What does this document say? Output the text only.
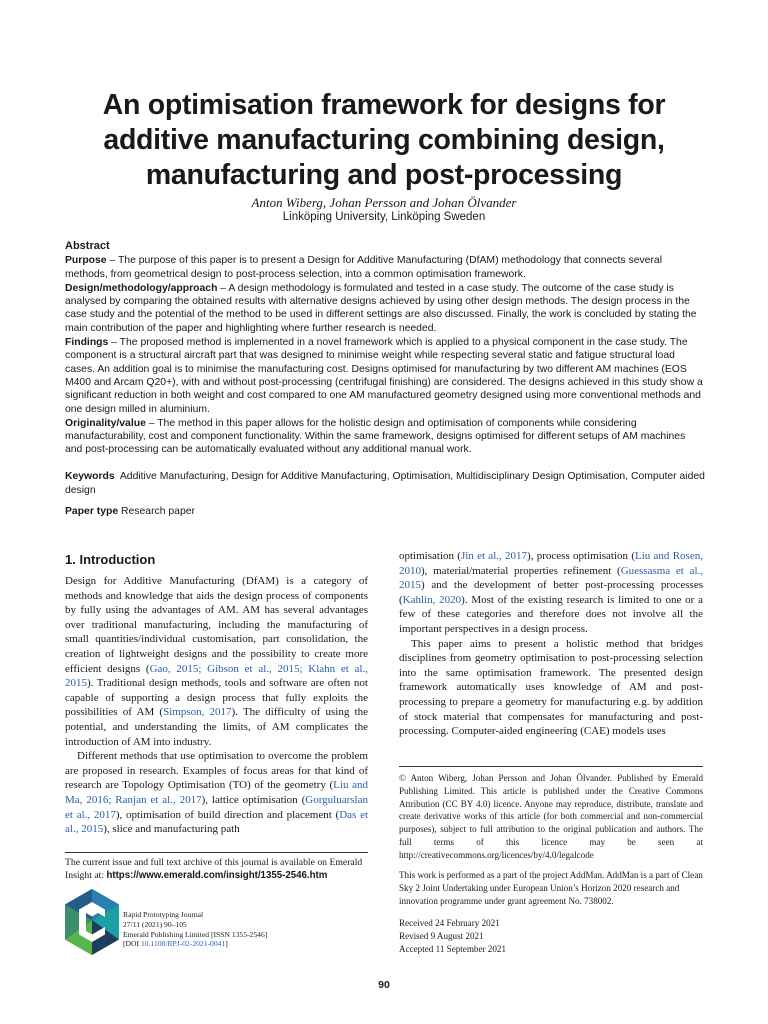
An optimisation framework for designs for
additive manufacturing combining design,
manufacturing and post-processing
Anton Wiberg, Johan Persson and Johan Ölvander
Linköping University, Linköping Sweden
Abstract

Purpose – The purpose of this paper is to present a Design for Additive Manufacturing (DfAM) methodology that connects several methods, from geometrical design to post-process selection, into a common optimisation framework.

Design/methodology/approach – A design methodology is formulated and tested in a case study. The outcome of the case study is analysed by comparing the obtained results with alternative designs achieved by using other design methods. The design process in the case study and the potential of the method to be used in different settings are also discussed. Finally, the work is concluded by stating the main contribution of the paper and highlighting where further research is needed.

Findings – The proposed method is implemented in a novel framework which is applied to a physical component in the case study. The component is a structural aircraft part that was designed to minimise weight while respecting several static and fatigue structural load cases. An addition goal is to minimise the manufacturing cost. Designs optimised for manufacturing by two different AM machines (EOS M400 and Arcam Q20+), with and without post-processing (centrifugal finishing) are considered. The designs achieved in this study show a significant reduction in both weight and cost compared to one AM manufactured geometry designed using more conventional methods and one design milled in aluminium.

Originality/value – The method in this paper allows for the holistic design and optimisation of components while considering manufacturability, cost and component functionality. Within the same framework, designs optimised for different setups of AM machines and post-processing can be automatically evaluated without any additional manual work.

Keywords Additive Manufacturing, Design for Additive Manufacturing, Optimisation, Multidisciplinary Design Optimisation, Computer aided design
Paper type Research paper
1. Introduction

Design for Additive Manufacturing (DfAM) is a category of methods and knowledge that aids the design process of components by fully using the advantages of AM. AM has several advantages over traditional manufacturing, including the manufacturing of small quantities/individual customisation, part consolidation, the creation of lightweight designs and the possibility to create more efficient designs (Gao, 2015; Gibson et al., 2015; Klahn et al., 2015). Traditional design methods, tools and software are often not capable of supporting a design process that fully exploits the possibilities of AM (Simpson, 2017). The difficulty of using the potential, and understanding the limits, of AM complicates the introduction of AM into industry.

Different methods that use optimisation to overcome the problem are proposed in research. Examples of focus areas for that kind of research are Topology Optimisation (TO) of the geometry (Liu and Ma, 2016; Ranjan et al., 2017), lattice optimisation (Gorguluarslan et al., 2017), optimisation of build direction and placement (Das et al., 2015), slice and manufacturing path

optimisation (Jin et al., 2017), process optimisation (Liu and Rosen, 2010), material/material properties refinement (Guessasma et al., 2015) and the development of better post-processing processes (Kahlin, 2020). Most of the existing research is limited to one or a few of these categories and therefore does not involve all the important perspectives in a design process.

This paper aims to present a holistic method that bridges disciplines from geometry optimisation to post-processing selection into the same optimisation framework. The presented design framework automatically uses knowledge of AM and post-processing to prepare a geometry for manufacturing e.g. by addition of stock material that compensates for manufacturing and post-processing. Computer-aided engineering (CAE) models uses

The current issue and full text archive of this journal is available on Emerald Insight at: https://www.emerald.com/insight/1355-2546.htm
Rapid Prototyping Journal
27/11 (2021) 90–105
Emerald Publishing Limited [ISSN 1355-2546]
[DOI 10.1108/RPJ-02-2021-0041]
© Anton Wiberg, Johan Persson and Johan Ölvander. Published by Emerald Publishing Limited. This article is published under the Creative Commons Attribution (CC BY 4.0) licence. Anyone may reproduce, distribute, translate and create derivative works of this article (for both commercial and non-commercial purposes), subject to full attribution to the original publication and authors. The full terms of this licence may be seen at http://creativecommons.org/licences/by/4.0/legalcode
This work is performed as a part of the project AddMan. AddMan is a part of Clean Sky 2 Joint Undertaking under European Union’s Horizon 2020 research and innovation programme under grant agreement No. 738002.
Received 24 February 2021
Revised 9 August 2021
Accepted 11 September 2021
90
